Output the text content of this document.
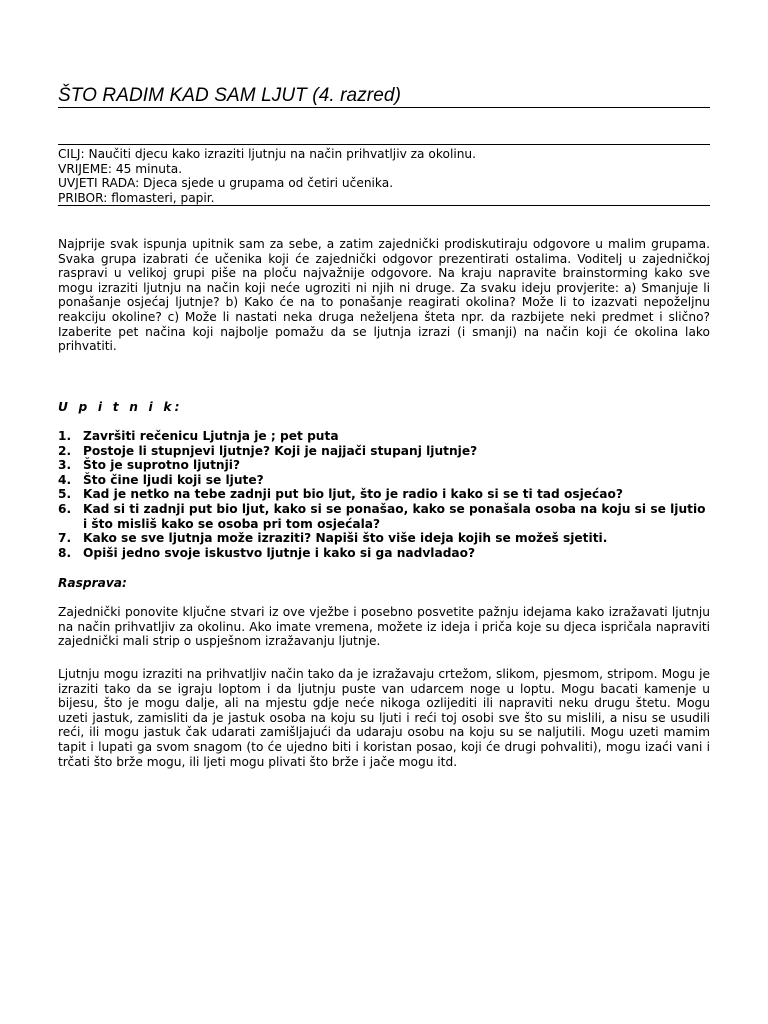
ŠTO RADIM KAD SAM LJUT (4. razred)
CILJ: Naučiti djecu kako izraziti ljutnju na način prihvatljiv za okolinu.
VRIJEME: 45 minuta.
UVJETI RADA: Djeca sjede u grupama od četiri učenika.
PRIBOR: flomasteri, papir.
Najprije svak ispunja upitnik sam za sebe, a zatim zajednički prodiskutiraju odgovore u malim grupama. Svaka grupa izabrati će učenika koji će zajednički odgovor prezentirati ostalima. Voditelj u zajedničkoj raspravi u velikoj grupi piše na ploču najvažnije odgovore. Na kraju napravite brainstorming kako sve mogu izraziti ljutnju na način koji neće ugroziti ni njih ni druge. Za svaku ideju provjerite: a) Smanjuje li ponašanje osjećaj ljutnje? b) Kako će na to ponašanje reagirati okolina? Može li to izazvati nepoželjnu reakciju okoline? c) Može li nastati neka druga neželjena šteta npr. da razbijete neki predmet i slično? Izaberite pet načina koji najbolje pomažu da se ljutnja izrazi (i smanji) na način koji će okolina lako prihvatiti.
U p i t n i k:
1. Završiti rečenicu Ljutnja je ; pet puta
2. Postoje li stupnjevi ljutnje? Koji je najjači stupanj ljutnje?
3. Što je suprotno ljutnji?
4. Što čine ljudi koji se ljute?
5. Kad je netko na tebe zadnji put bio ljut, što je radio i kako si se ti tad osjećao?
6. Kad si ti zadnji put bio ljut, kako si se ponašao, kako se ponašala osoba na koju si se ljutio i što misliš kako se osoba pri tom osjećala?
7. Kako se sve ljutnja može izraziti? Napiši što više ideja kojih se možeš sjetiti.
8. Opiši jedno svoje iskustvo ljutnje i kako si ga nadvladao?
Rasprava:
Zajednički ponovite ključne stvari iz ove vježbe i posebno posvetite pažnju idejama kako izražavati ljutnju na način prihvatljiv za okolinu. Ako imate vremena, možete iz ideja i priča koje su djeca ispričala napraviti zajednički mali strip o uspješnom izražavanju ljutnje.
Ljutnju mogu izraziti na prihvatljiv način tako da je izražavaju crtežom, slikom, pjesmom, stripom. Mogu je izraziti tako da se igraju loptom i da ljutnju puste van udarcem noge u loptu. Mogu bacati kamenje u bijesu, što je mogu dalje, ali na mjestu gdje neće nikoga ozlijediti ili napraviti neku drugu štetu. Mogu uzeti jastuk, zamisliti da je jastuk osoba na koju su ljuti i reći toj osobi sve što su mislili, a nisu se usudili reći, ili mogu jastuk čak udarati zamišljajući da udaraju osobu na koju su se naljutili. Mogu uzeti mamim tapit i lupati ga svom snagom (to će ujedno biti i koristan posao, koji će drugi pohvaliti), mogu izaći vani i trčati što brže mogu, ili ljeti mogu plivati što brže i jače mogu itd.
